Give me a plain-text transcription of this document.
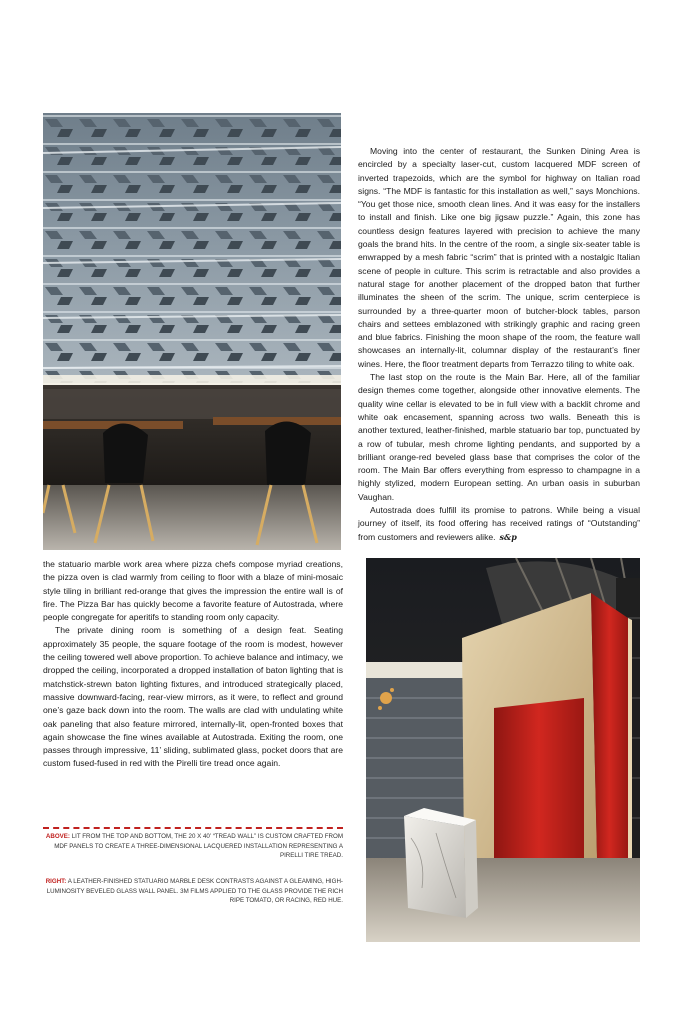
Moving into the center of restaurant, the Sunken Dining Area is encircled by a specialty laser-cut, custom lacquered MDF screen of inverted trapezoids, which are the symbol for highway on Italian road signs. “The MDF is fantastic for this installation as well,” says Monchions. “You get those nice, smooth clean lines. And it was easy for the installers to install and finish. Like one big jigsaw puzzle.” Again, this zone has countless design features layered with precision to achieve the many goals the brand hits. In the centre of the room, a single six-seater table is enwrapped by a mesh fabric “scrim” that is printed with a nostalgic Italian scene of people in culture. This scrim is retractable and also provides a natural stage for another placement of the dropped baton that further illuminates the sheen of the scrim. The unique, scrim centerpiece is surrounded by a three-quarter moon of butcher-block tables, parson chairs and settees emblazoned with strikingly graphic and racing green and blue fabrics. Finishing the moon shape of the room, the feature wall showcases an internally-lit, columnar display of the restaurant’s finer wines. Here, the floor treatment departs from Terrazzo tiling to white oak.

The last stop on the route is the Main Bar. Here, all of the familiar design themes come together, alongside other innovative elements. The quality wine cellar is elevated to be in full view with a backlit chrome and white oak encasement, spanning across two walls. Beneath this is another textured, leather-finished, marble statuario bar top, punctuated by a row of tubular, mesh chrome lighting pendants, and supported by a brilliant orange-red beveled glass base that comprises the color of the room. The Main Bar offers everything from espresso to champagne in a highly stylized, modern European setting. An urban oasis in suburban Vaughan.

Autostrada does fulfill its promise to patrons. While being a visual journey of itself, its food offering has received ratings of “Outstanding” from customers and reviewers alike. s&p

the statuario marble work area where pizza chefs compose myriad creations, the pizza oven is clad warmly from ceiling to floor with a blaze of mini-mosaic style tiling in brilliant red-orange that gives the impression the entire wall is of fire. The Pizza Bar has quickly become a favorite feature of Autostrada, where people congregate for aperitifs to standing room only capacity.

The private dining room is something of a design feat. Seating approximately 35 people, the square footage of the room is modest, however the ceiling towered well above proportion. To achieve balance and intimacy, we dropped the ceiling, incorporated a dropped installation of baton lighting that is matchstick-strewn baton lighting fixtures, and introduced strategically placed, massive downward-facing, rear-view mirrors, as it were, to reflect and ground one’s gaze back down into the room. The walls are clad with undulating white oak paneling that also feature mirrored, internally-lit, open-fronted boxes that again showcase the fine wines available at Autostrada. Exiting the room, one passes through impressive, 11’ sliding, sublimated glass, pocket doors that are custom fused-fused in red with the Pirelli tire tread once again.

ABOVE: LIT FROM THE TOP AND BOTTOM, THE 20 X 40’ “TREAD WALL” IS CUSTOM CRAFTED FROM MDF PANELS TO CREATE A THREE-DIMENSIONAL LACQUERED INSTALLATION REPRESENTING A PIRELLI TIRE TREAD.

RIGHT: A LEATHER-FINISHED STATUARIO MARBLE DESK CONTRASTS AGAINST A GLEAMING, HIGH-LUMINOSITY BEVELED GLASS WALL PANEL. 3M FILMS APPLIED TO THE GLASS PROVIDE THE RICH RIPE TOMATO, OR RACING, RED HUE.
